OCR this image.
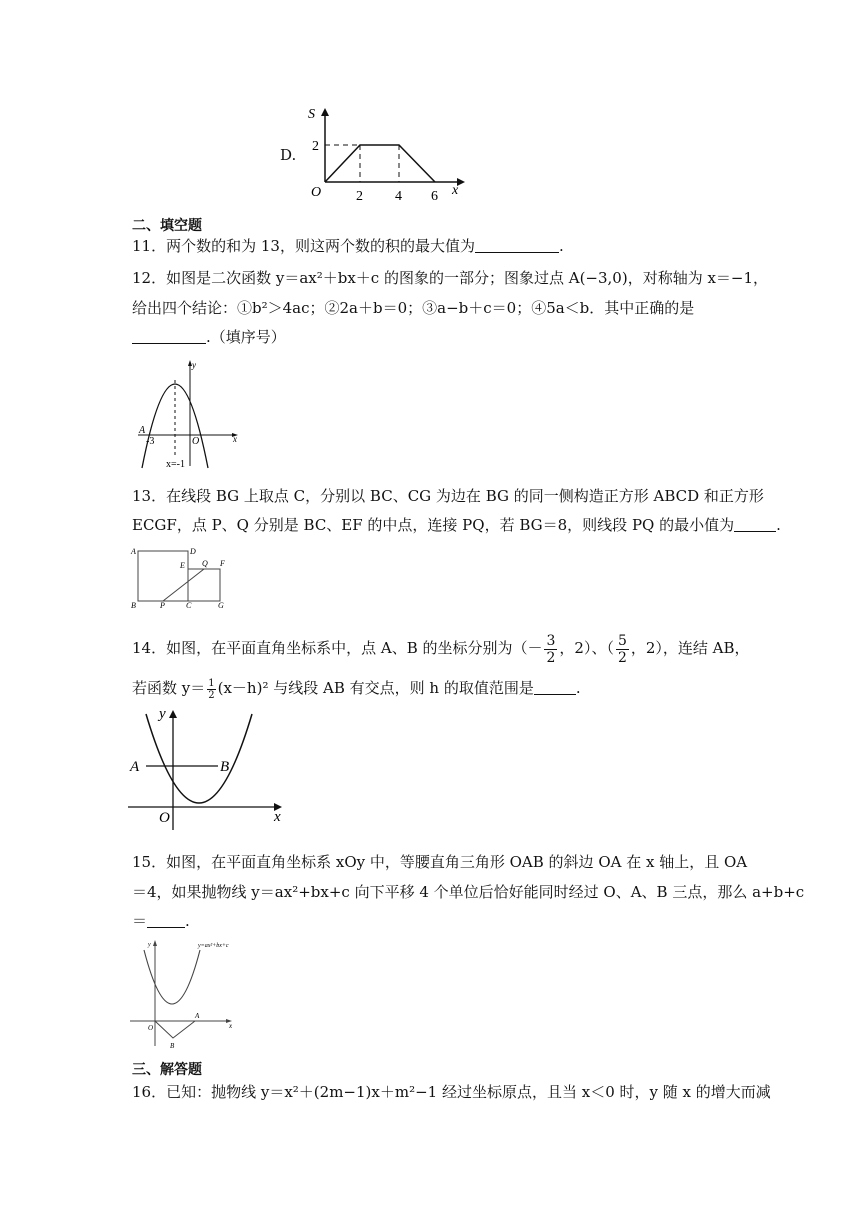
D.
S
2
O 2 4 6 x
二、填空题
11．两个数的和为 13，则这两个数的积的最大值为	.
12．如图是二次函数 y＝ax²＋bx＋c 的图象的一部分；图象过点 A(−3,0)，对称轴为 x＝−1，
给出四个结论：①b²＞4ac；②2a＋b＝0；③a−b＋c＝0；④5a＜b．其中正确的是
.（填序号）
y
x
A
-3	O
x=-1
13．在线段 BG 上取点 C，分别以 BC、CG 为边在 BG 的同一侧构造正方形 ABCD 和正方形
ECGF，点 P、Q 分别是 BC、EF 的中点，连接 PQ，若 BG＝8，则线段 PQ 的最小值为	.
A	D
E Q F
B	P	C	G
14．如图，在平面直角坐标系中，点 A、B 的坐标分别为（－ $\frac{3}{2}$ ，2）、（ $\frac{5}{2}$ ，2），连结 AB，
若函数 $y= \frac{1}{2} (x-h)^2$ 与线段 AB 有交点，则 h 的取值范围是	.
y
x
A	B
O
15．如图，在平面直角坐标系 xOy 中，等腰直角三角形 OAB 的斜边 OA 在 x 轴上，且 OA
＝4，如果抛物线 y＝ax²+bx+c 向下平移 4 个单位后恰好能同时经过 O、A、B 三点，那么 a+b+c
＝	.
y
x
y=ax²+bx+c
O
A
B
三、解答题
16．已知：抛物线 y＝x²＋(2m−1)x＋m²−1 经过坐标原点，且当 x＜0 时，y 随 x 的增大而减
